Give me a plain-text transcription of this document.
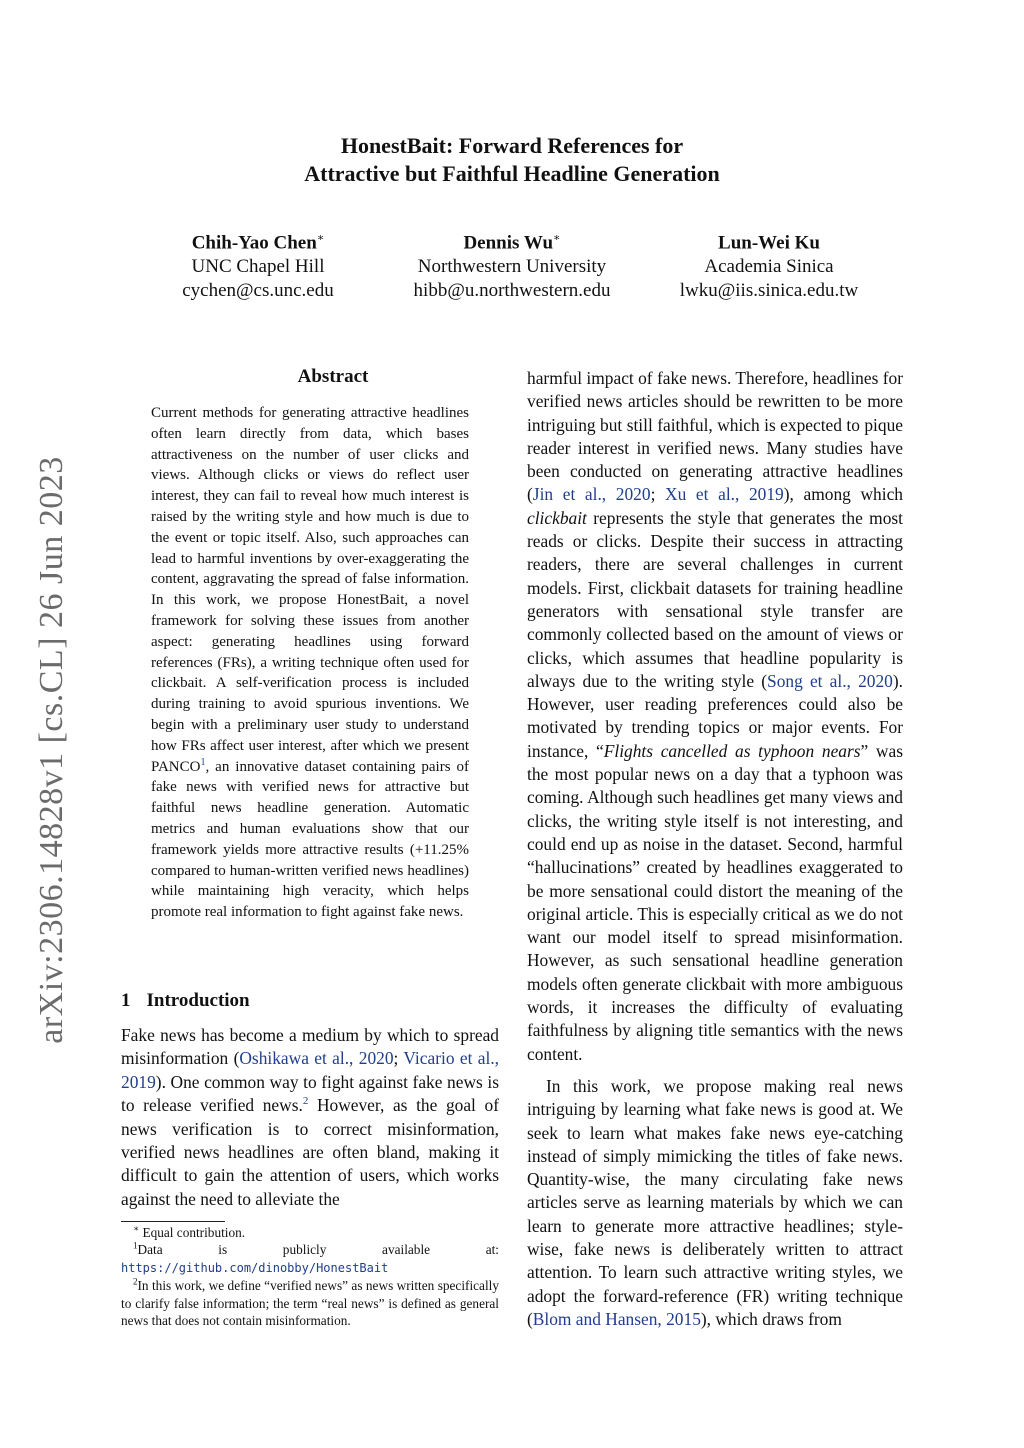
arXiv:2306.14828v1 [cs.CL] 26 Jun 2023
HonestBait: Forward References for
Attractive but Faithful Headline Generation
Chih-Yao Chen∗
UNC Chapel Hill
cychen@cs.unc.edu
Dennis Wu∗
Northwestern University
hibb@u.northwestern.edu
Lun-Wei Ku
Academia Sinica
lwku@iis.sinica.edu.tw
Abstract
Current methods for generating attractive headlines often learn directly from data, which bases attractiveness on the number of user clicks and views. Although clicks or views do reflect user interest, they can fail to reveal how much interest is raised by the writing style and how much is due to the event or topic itself. Also, such approaches can lead to harmful inventions by over-exaggerating the content, aggravating the spread of false information. In this work, we propose HonestBait, a novel framework for solving these issues from another aspect: generating headlines using forward references (FRs), a writing technique often used for clickbait. A self-verification process is included during training to avoid spurious inventions. We begin with a preliminary user study to understand how FRs affect user interest, after which we present PANCO$^1$, an innovative dataset containing pairs of fake news with verified news for attractive but faithful news headline generation. Automatic metrics and human evaluations show that our framework yields more attractive results (+11.25% compared to human-written verified news headlines) while maintaining high veracity, which helps promote real information to fight against fake news.
1 Introduction
Fake news has become a medium by which to spread misinformation (Oshikawa et al., 2020; Vicario et al., 2019). One common way to fight against fake news is to release verified news.$^2$ However, as the goal of news verification is to correct misinformation, verified news headlines are often bland, making it difficult to gain the attention of users, which works against the need to alleviate the

∗ Equal contribution.

$^1$Data is publicly available at: https://github.com/dinobby/HonestBait

$^2$In this work, we define “verified news” as news written specifically to clarify false information; the term “real news” is defined as general news that does not contain misinformation.

harmful impact of fake news. Therefore, headlines for verified news articles should be rewritten to be more intriguing but still faithful, which is expected to pique reader interest in verified news. Many studies have been conducted on generating attractive headlines (Jin et al., 2020; Xu et al., 2019), among which clickbait represents the style that generates the most reads or clicks. Despite their success in attracting readers, there are several challenges in current models. First, clickbait datasets for training headline generators with sensational style transfer are commonly collected based on the amount of views or clicks, which assumes that headline popularity is always due to the writing style (Song et al., 2020). However, user reading preferences could also be motivated by trending topics or major events. For instance, “Flights cancelled as typhoon nears” was the most popular news on a day that a typhoon was coming. Although such headlines get many views and clicks, the writing style itself is not interesting, and could end up as noise in the dataset. Second, harmful “hallucinations” created by headlines exaggerated to be more sensational could distort the meaning of the original article. This is especially critical as we do not want our model itself to spread misinformation. However, as such sensational headline generation models often generate clickbait with more ambiguous words, it increases the difficulty of evaluating faithfulness by aligning title semantics with the news content.

In this work, we propose making real news intriguing by learning what fake news is good at. We seek to learn what makes fake news eye-catching instead of simply mimicking the titles of fake news. Quantity-wise, the many circulating fake news articles serve as learning materials by which we can learn to generate more attractive headlines; style-wise, fake news is deliberately written to attract attention. To learn such attractive writing styles, we adopt the forward-reference (FR) writing technique (Blom and Hansen, 2015), which draws from
